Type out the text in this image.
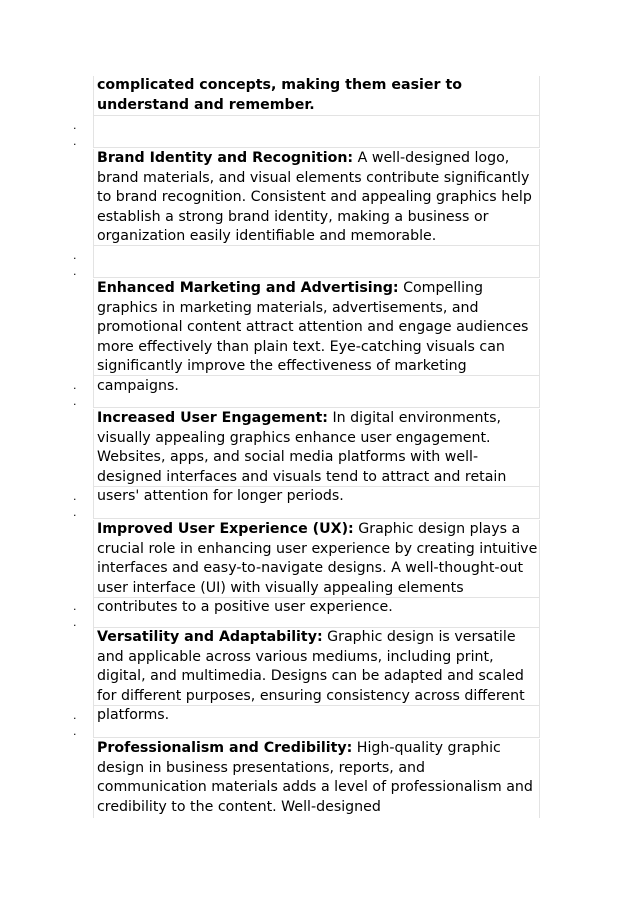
complicated concepts, making them easier to understand and remember.
.
.
Brand Identity and Recognition: A well-designed logo, brand materials, and visual elements contribute significantly to brand recognition. Consistent and appealing graphics help establish a strong brand identity, making a business or organization easily identifiable and memorable.
.
.
Enhanced Marketing and Advertising: Compelling graphics in marketing materials, advertisements, and promotional content attract attention and engage audiences more effectively than plain text. Eye-catching visuals can significantly improve the effectiveness of marketing campaigns.
.
.
Increased User Engagement: In digital environments, visually appealing graphics enhance user engagement. Websites, apps, and social media platforms with well-designed interfaces and visuals tend to attract and retain users' attention for longer periods.
.
.
Improved User Experience (UX): Graphic design plays a crucial role in enhancing user experience by creating intuitive interfaces and easy-to-navigate designs. A well-thought-out user interface (UI) with visually appealing elements contributes to a positive user experience.
.
.
Versatility and Adaptability: Graphic design is versatile and applicable across various mediums, including print, digital, and multimedia. Designs can be adapted and scaled for different purposes, ensuring consistency across different platforms.
.
.
Professionalism and Credibility: High-quality graphic design in business presentations, reports, and communication materials adds a level of professionalism and credibility to the content. Well-designed
